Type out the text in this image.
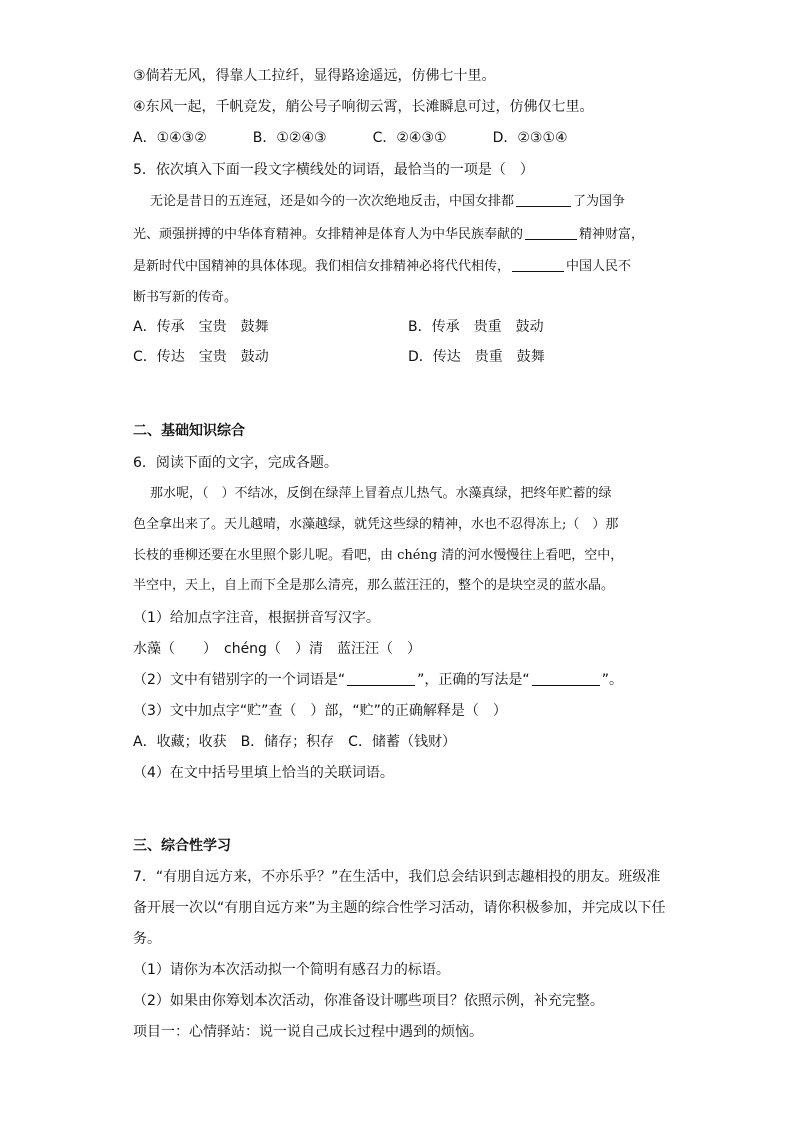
③倘若无风，得靠人工拉纤，显得路途遥远，仿佛七十里。
④东风一起，千帆竞发，艄公号子响彻云霄，长滩瞬息可过，仿佛仅七里。
A．①④③②	B．①②④③	C．②④③①	D．②③①④
5．依次填入下面一段文字横线处的词语，最恰当的一项是（　）
无论是昔日的五连冠，还是如今的一次次绝地反击，中国女排都	了为国争
光、顽强拼搏的中华体育精神。女排精神是体育人为中华民族奉献的	精神财富，
是新时代中国精神的具体体现。我们相信女排精神必将代代相传，	中国人民不
断书写新的传奇。
A．传承　宝贵　鼓舞	B．传承　贵重　鼓动
C．传达　宝贵　鼓动	D．传达　贵重　鼓舞
二、基础知识综合
6．阅读下面的文字，完成各题。
那水呢，（　）不结冰，反倒在绿萍上冒着点儿热气。水藻真绿，把终年贮蓄的绿
色全拿出来了。天儿越晴，水藻越绿，就凭这些绿的精神，水也不忍得冻上;（　）那
长枝的垂柳还要在水里照个影儿呢。看吧，由 chéng 清的河水慢慢往上看吧，空中，
半空中，天上，自上而下全是那么清亮，那么蓝汪汪的，整个的是块空灵的蓝水晶。
（1）给加点字注音，根据拼音写汉字。
水藻（　　）　chéng（　）清　蓝汪汪（　）
（2）文中有错别字的一个词语是“	”，正确的写法是“	”。
（3）文中加点字“贮”查（　）部，“贮”的正确解释是（　）
A．收藏；收获　B．储存；积存　C．储蓄（钱财）
（4）在文中括号里填上恰当的关联词语。
三、综合性学习
7．“有朋自远方来，不亦乐乎？”在生活中，我们总会结识到志趣相投的朋友。班级准
备开展一次以“有朋自远方来”为主题的综合性学习活动，请你积极参加，并完成以下任
务。
（1）请你为本次活动拟一个简明有感召力的标语。
（2）如果由你筹划本次活动，你准备设计哪些项目？依照示例，补充完整。
项目一：心情驿站：说一说自己成长过程中遇到的烦恼。
